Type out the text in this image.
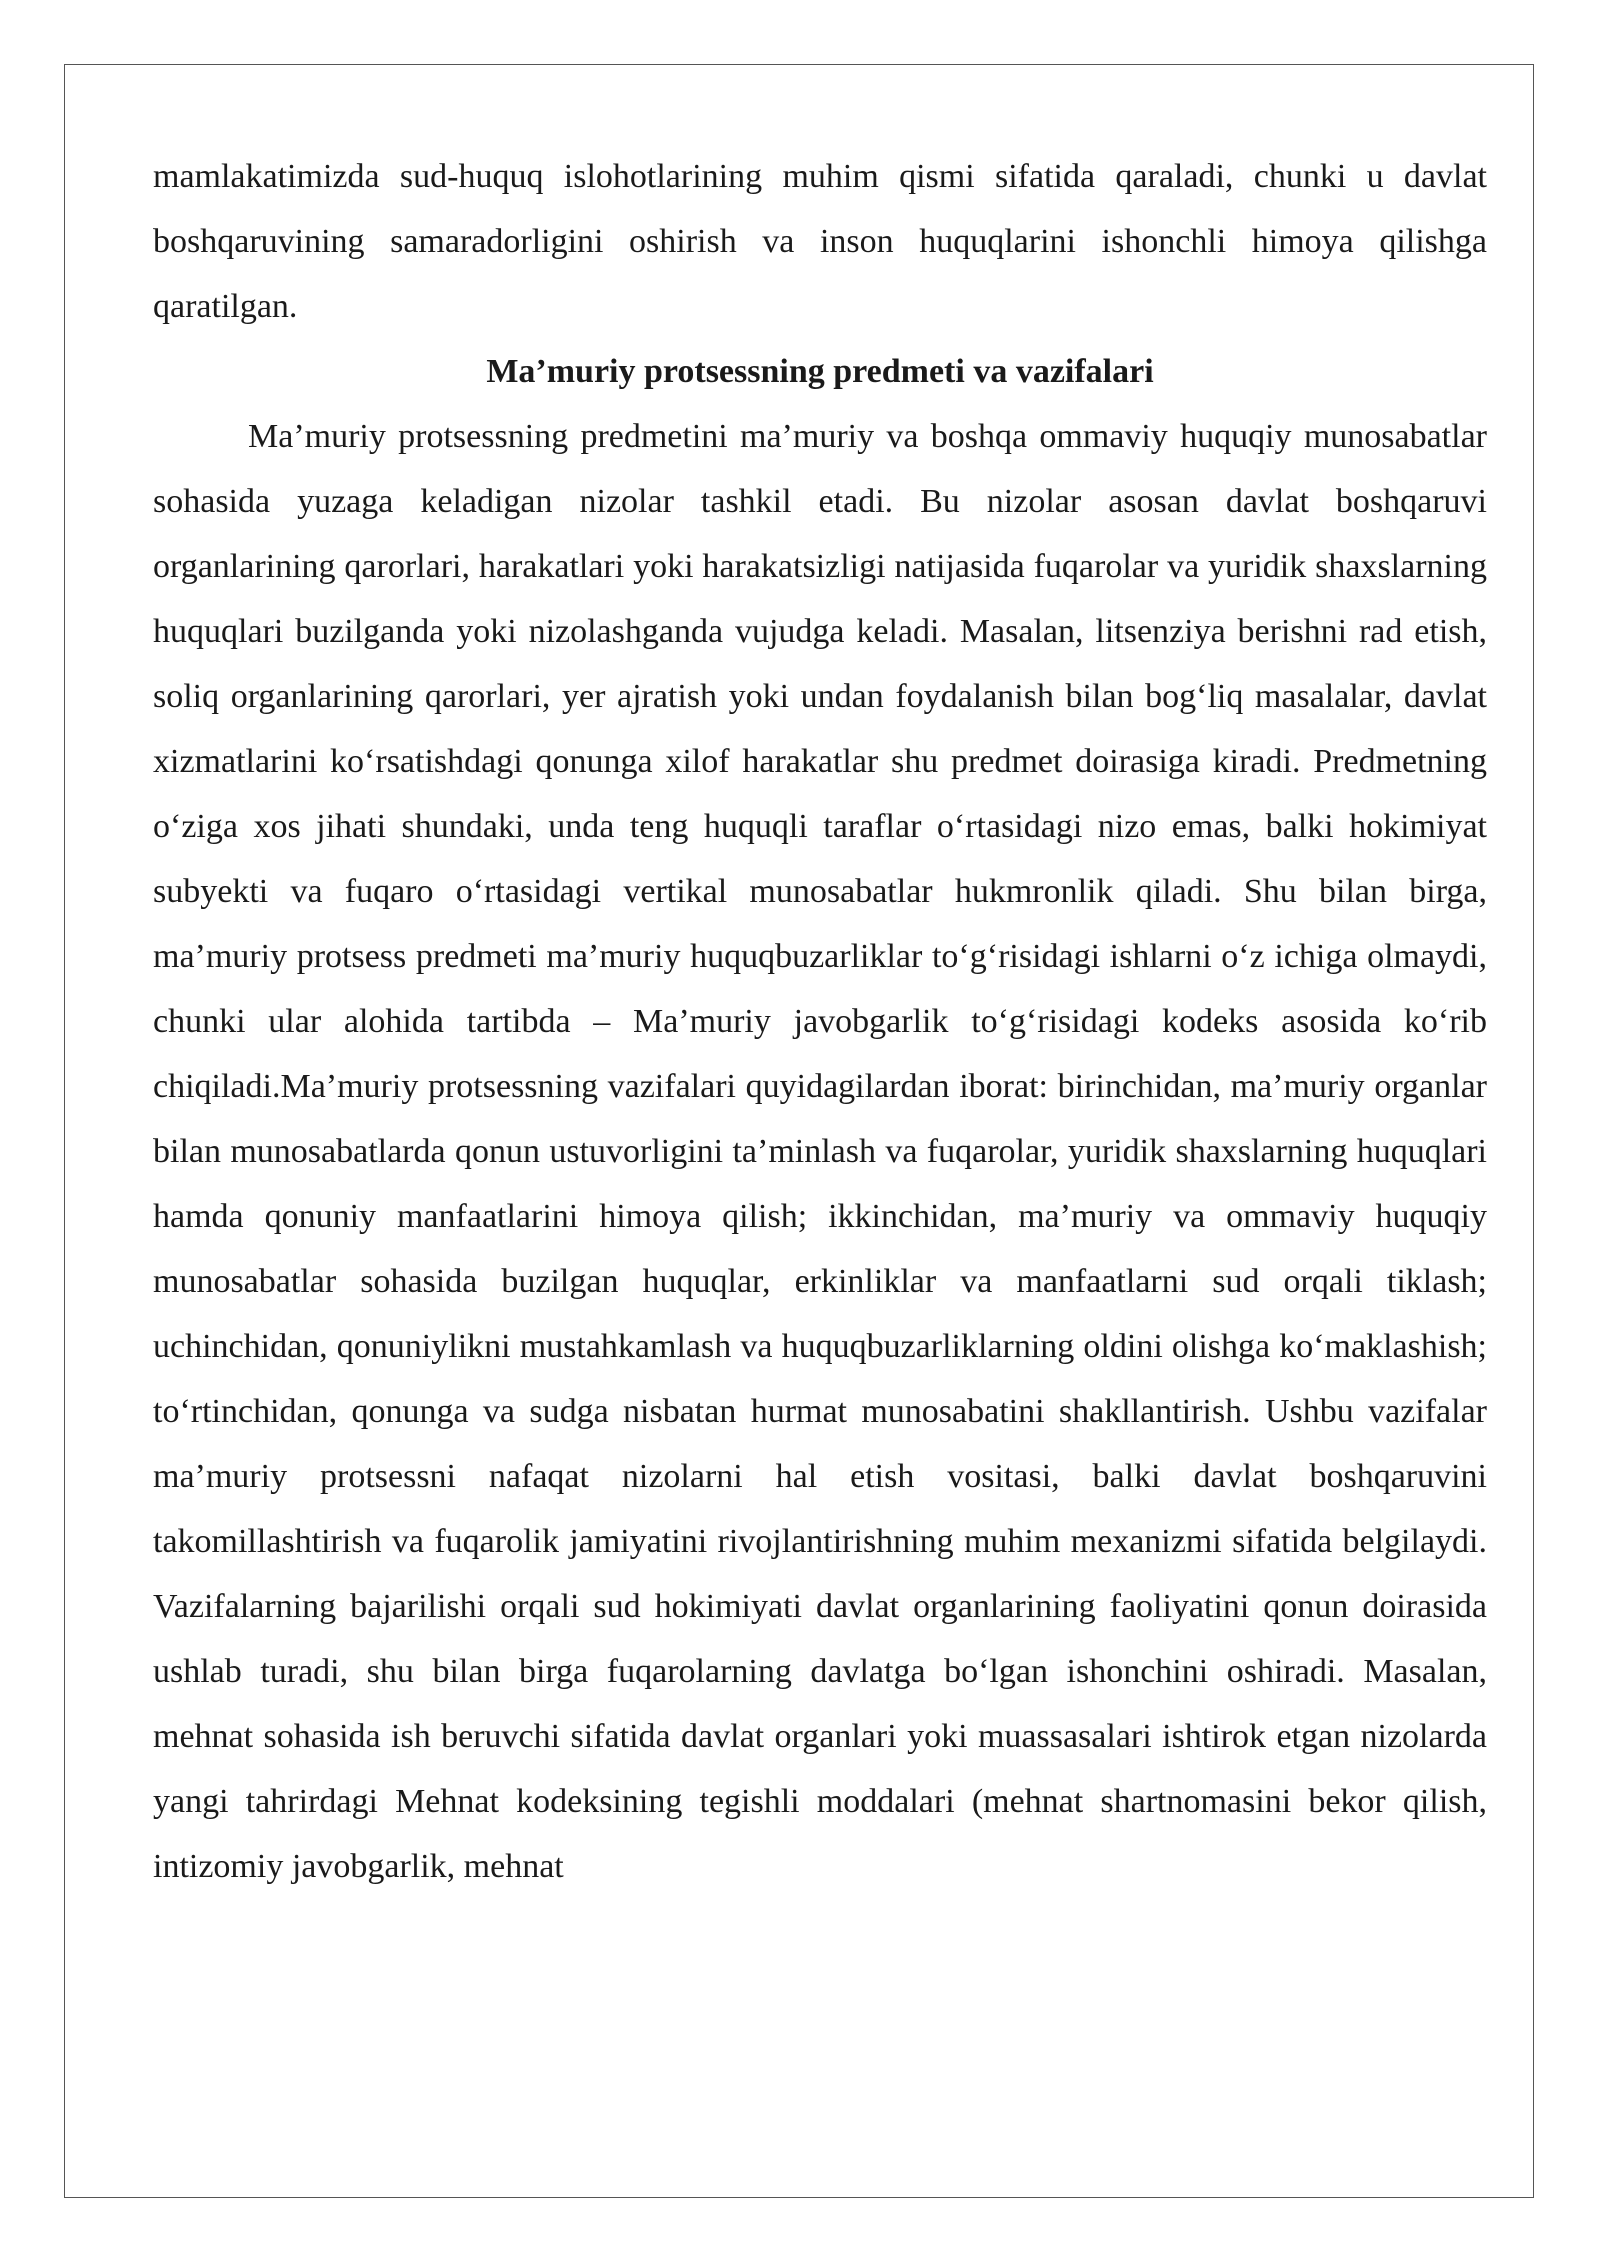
mamlakatimizda sud-huquq islohotlarining muhim qismi sifatida qaraladi, chunki u davlat boshqaruvining samaradorligini oshirish va inson huquqlarini ishonchli himoya qilishga qaratilgan.

Ma’muriy protsessning predmeti va vazifalari

Ma’muriy protsessning predmetini ma’muriy va boshqa ommaviy huquqiy munosabatlar sohasida yuzaga keladigan nizolar tashkil etadi. Bu nizolar asosan davlat boshqaruvi organlarining qarorlari, harakatlari yoki harakatsizligi natijasida fuqarolar va yuridik shaxslarning huquqlari buzilganda yoki nizolashganda vujudga keladi. Masalan, litsenziya berishni rad etish, soliq organlarining qarorlari, yer ajratish yoki undan foydalanish bilan bog‘liq masalalar, davlat xizmatlarini ko‘rsatishdagi qonunga xilof harakatlar shu predmet doirasiga kiradi. Predmetning o‘ziga xos jihati shundaki, unda teng huquqli taraflar o‘rtasidagi nizo emas, balki hokimiyat subyekti va fuqaro o‘rtasidagi vertikal munosabatlar hukmronlik qiladi. Shu bilan birga, ma’muriy protsess predmeti ma’muriy huquqbuzarliklar to‘g‘risidagi ishlarni o‘z ichiga olmaydi, chunki ular alohida tartibda – Ma’muriy javobgarlik to‘g‘risidagi kodeks asosida ko‘rib chiqiladi.Ma’muriy protsessning vazifalari quyidagilardan iborat: birinchidan, ma’muriy organlar bilan munosabatlarda qonun ustuvorligini ta’minlash va fuqarolar, yuridik shaxslarning huquqlari hamda qonuniy manfaatlarini himoya qilish; ikkinchidan, ma’muriy va ommaviy huquqiy munosabatlar sohasida buzilgan huquqlar, erkinliklar va manfaatlarni sud orqali tiklash; uchinchidan, qonuniylikni mustahkamlash va huquqbuzarliklarning oldini olishga ko‘maklashish; to‘rtinchidan, qonunga va sudga nisbatan hurmat munosabatini shakllantirish. Ushbu vazifalar ma’muriy protsessni nafaqat nizolarni hal etish vositasi, balki davlat boshqaruvini takomillashtirish va fuqarolik jamiyatini rivojlantirishning muhim mexanizmi sifatida belgilaydi. Vazifalarning bajarilishi orqali sud hokimiyati davlat organlarining faoliyatini qonun doirasida ushlab turadi, shu bilan birga fuqarolarning davlatga bo‘lgan ishonchini oshiradi. Masalan, mehnat sohasida ish beruvchi sifatida davlat organlari yoki muassasalari ishtirok etgan nizolarda yangi tahrirdagi Mehnat kodeksining tegishli moddalari (mehnat shartnomasini bekor qilish, intizomiy javobgarlik, mehnat
